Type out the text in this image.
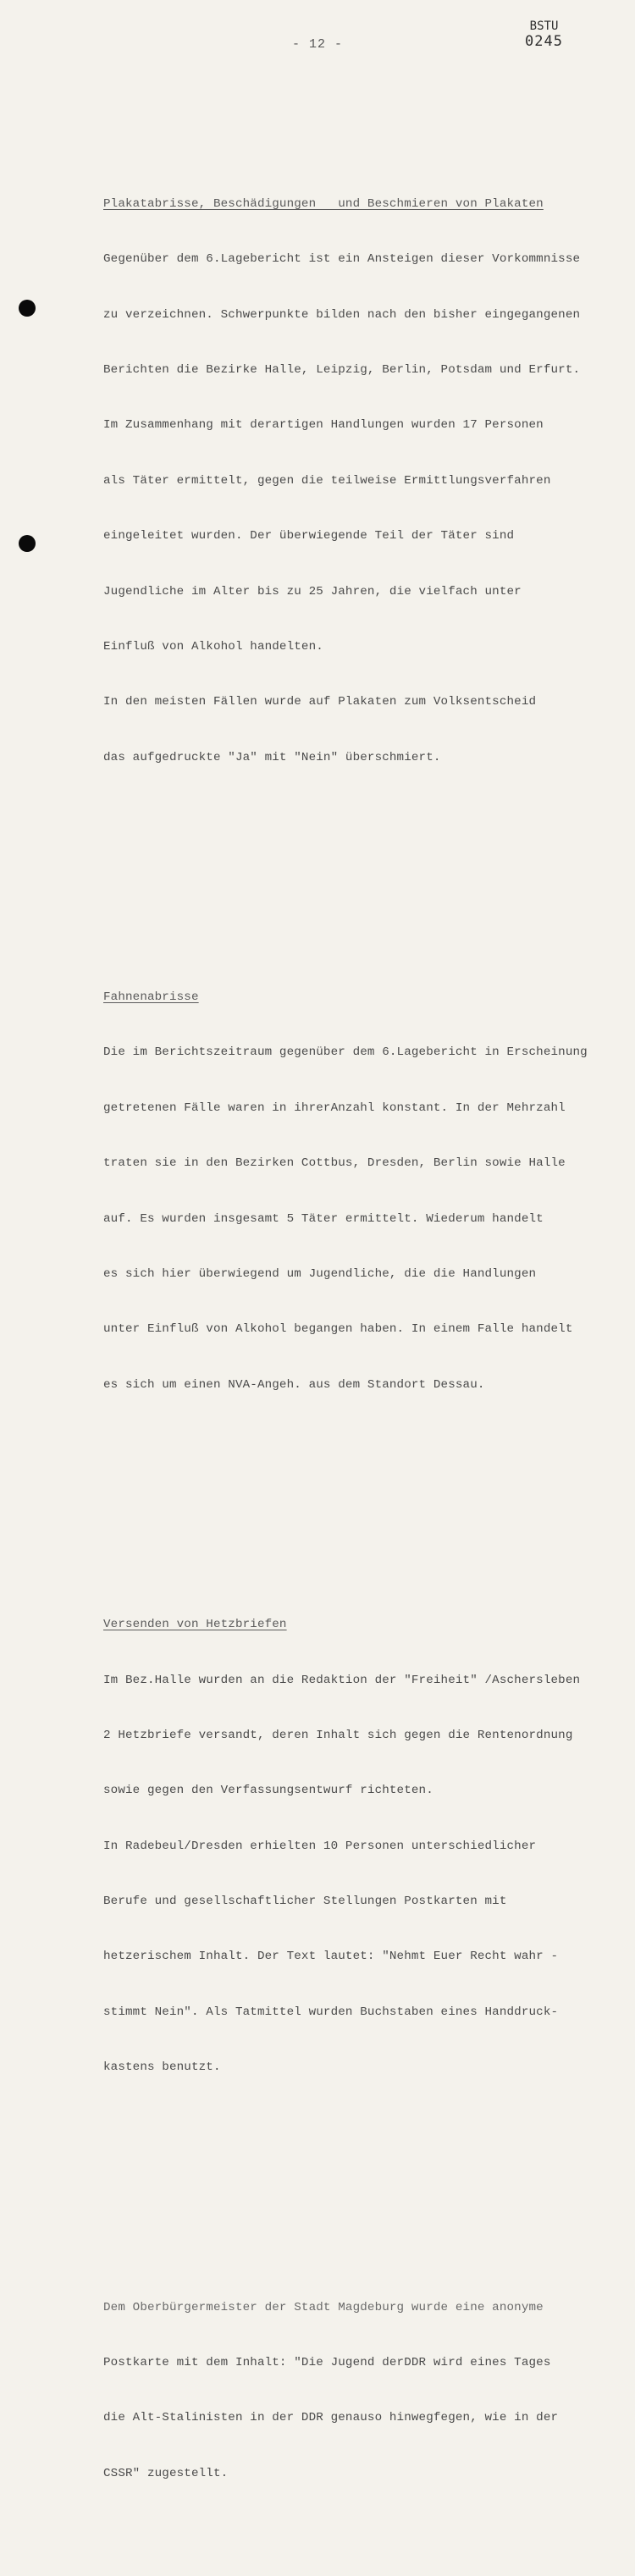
BSTU
0245
- 12 -

Plakatabrisse, Beschädigungen   und Beschmieren von Plakaten

Gegenüber dem 6.Lagebericht ist ein Ansteigen dieser Vorkommnisse

zu verzeichnen. Schwerpunkte bilden nach den bisher eingegangenen

Berichten die Bezirke Halle, Leipzig, Berlin, Potsdam und Erfurt.

Im Zusammenhang mit derartigen Handlungen wurden 17 Personen

als Täter ermittelt, gegen die teilweise Ermittlungsverfahren

eingeleitet wurden. Der überwiegende Teil der Täter sind

Jugendliche im Alter bis zu 25 Jahren, die vielfach unter

Einfluß von Alkohol handelten.

In den meisten Fällen wurde auf Plakaten zum Volksentscheid

das aufgedruckte "Ja" mit "Nein" überschmiert.

Fahnenabrisse

Die im Berichtszeitraum gegenüber dem 6.Lagebericht in Erscheinung

getretenen Fälle waren in ihrerAnzahl konstant. In der Mehrzahl

traten sie in den Bezirken Cottbus, Dresden, Berlin sowie Halle

auf. Es wurden insgesamt 5 Täter ermittelt. Wiederum handelt

es sich hier überwiegend um Jugendliche, die die Handlungen

unter Einfluß von Alkohol begangen haben. In einem Falle handelt

es sich um einen NVA-Angeh. aus dem Standort Dessau.

Versenden von Hetzbriefen

Im Bez.Halle wurden an die Redaktion der "Freiheit" /Aschersleben

2 Hetzbriefe versandt, deren Inhalt sich gegen die Rentenordnung

sowie gegen den Verfassungsentwurf richteten.

In Radebeul/Dresden erhielten 10 Personen unterschiedlicher

Berufe und gesellschaftlicher Stellungen Postkarten mit

hetzerischem Inhalt. Der Text lautet: "Nehmt Euer Recht wahr -

stimmt Nein". Als Tatmittel wurden Buchstaben eines Handdruck-

kastens benutzt.

Dem Oberbürgermeister der Stadt Magdeburg wurde eine anonyme

Postkarte mit dem Inhalt: "Die Jugend derDDR wird eines Tages

die Alt-Stalinisten in der DDR genauso hinwegfegen, wie in der

CSSR" zugestellt.
